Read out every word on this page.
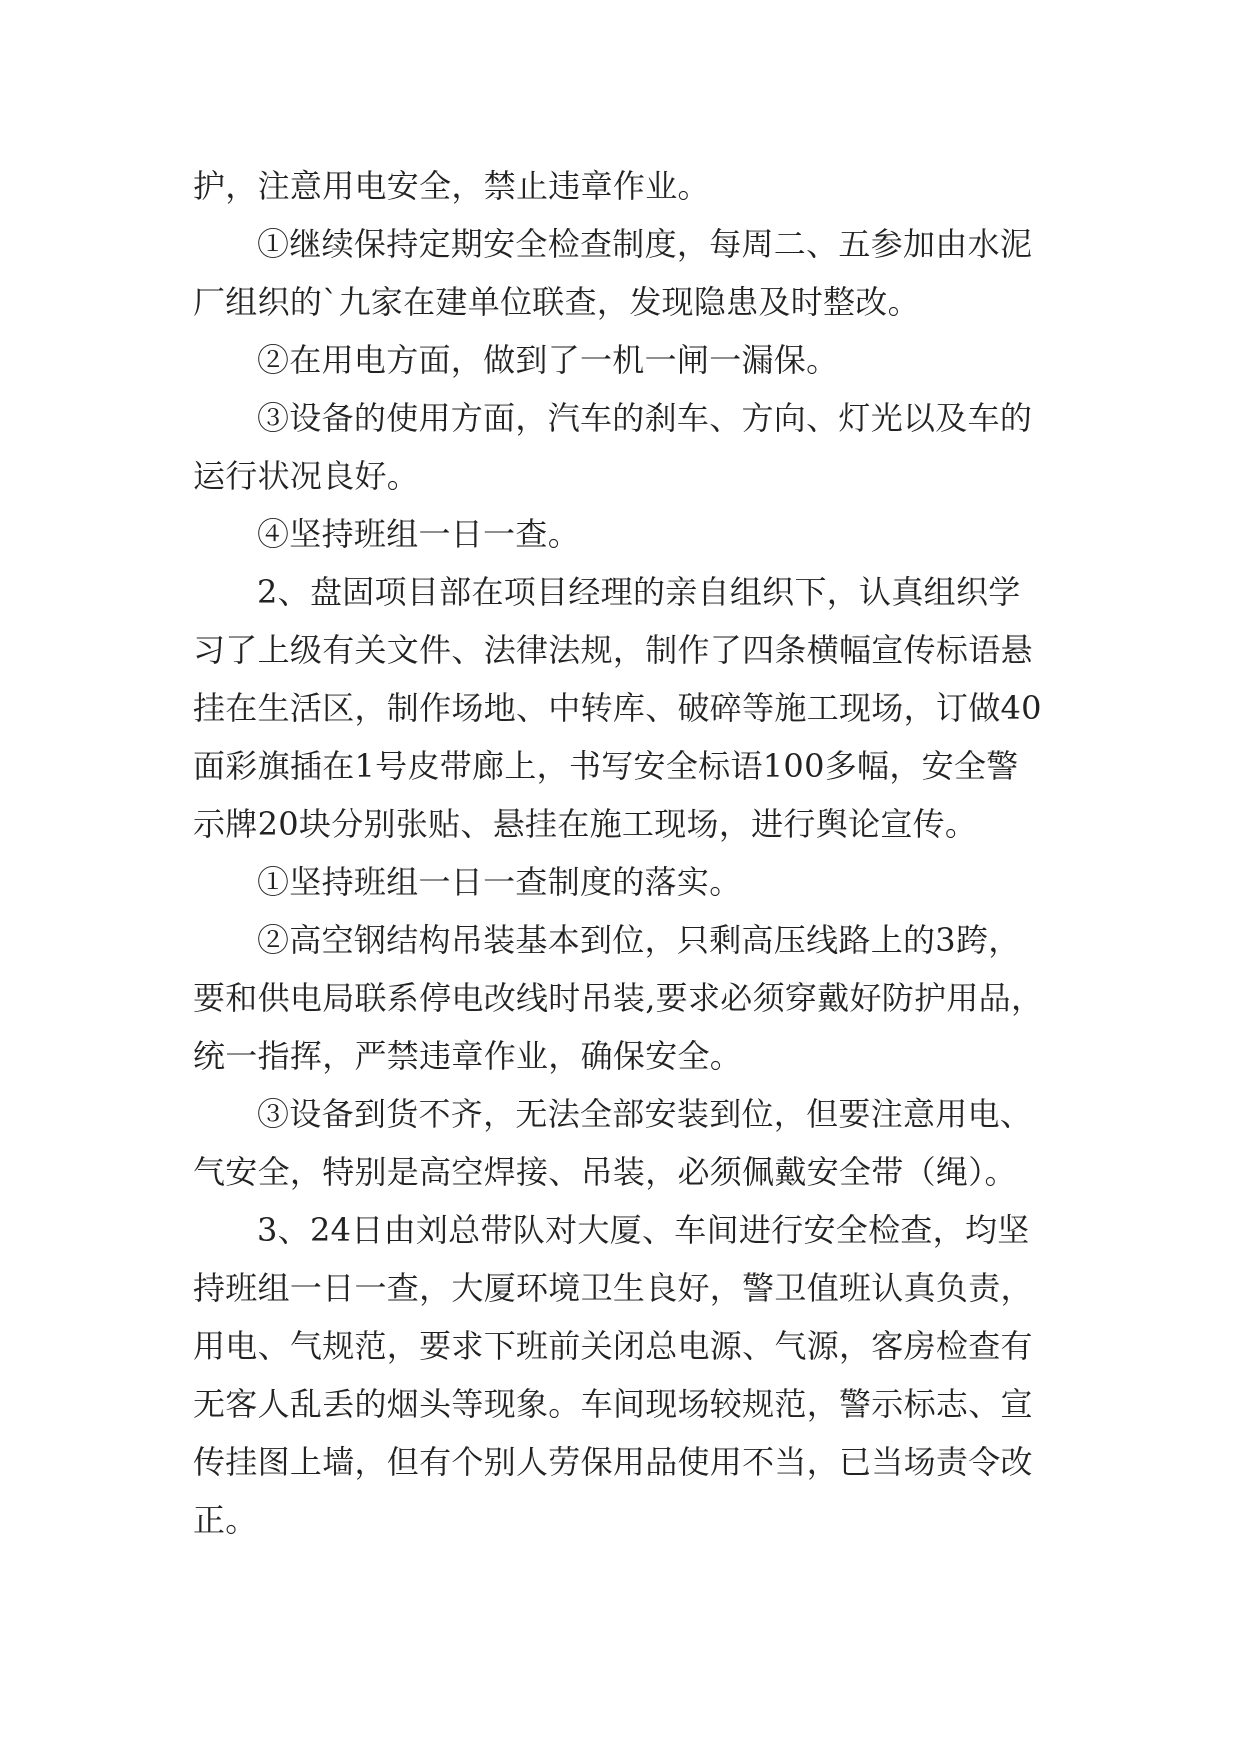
护，注意用电安全，禁止违章作业。
①继续保持定期安全检查制度，每周二、五参加由水泥
厂组织的`九家在建单位联查，发现隐患及时整改。
②在用电方面，做到了一机一闸一漏保。
③设备的使用方面，汽车的刹车、方向、灯光以及车的
运行状况良好。
④坚持班组一日一查。
2、盘固项目部在项目经理的亲自组织下，认真组织学
习了上级有关文件、法律法规，制作了四条横幅宣传标语悬
挂在生活区，制作场地、中转库、破碎等施工现场，订做40
面彩旗插在1号皮带廊上，书写安全标语100多幅，安全警
示牌20块分别张贴、悬挂在施工现场，进行舆论宣传。
①坚持班组一日一查制度的落实。
②高空钢结构吊装基本到位，只剩高压线路上的3跨，
要和供电局联系停电改线时吊装,要求必须穿戴好防护用品，
统一指挥，严禁违章作业，确保安全。
③设备到货不齐，无法全部安装到位，但要注意用电、
气安全，特别是高空焊接、吊装，必须佩戴安全带（绳）。
3、24日由刘总带队对大厦、车间进行安全检查，均坚
持班组一日一查，大厦环境卫生良好，警卫值班认真负责，
用电、气规范，要求下班前关闭总电源、气源，客房检查有
无客人乱丢的烟头等现象。车间现场较规范，警示标志、宣
传挂图上墙，但有个别人劳保用品使用不当，已当场责令改
正。
